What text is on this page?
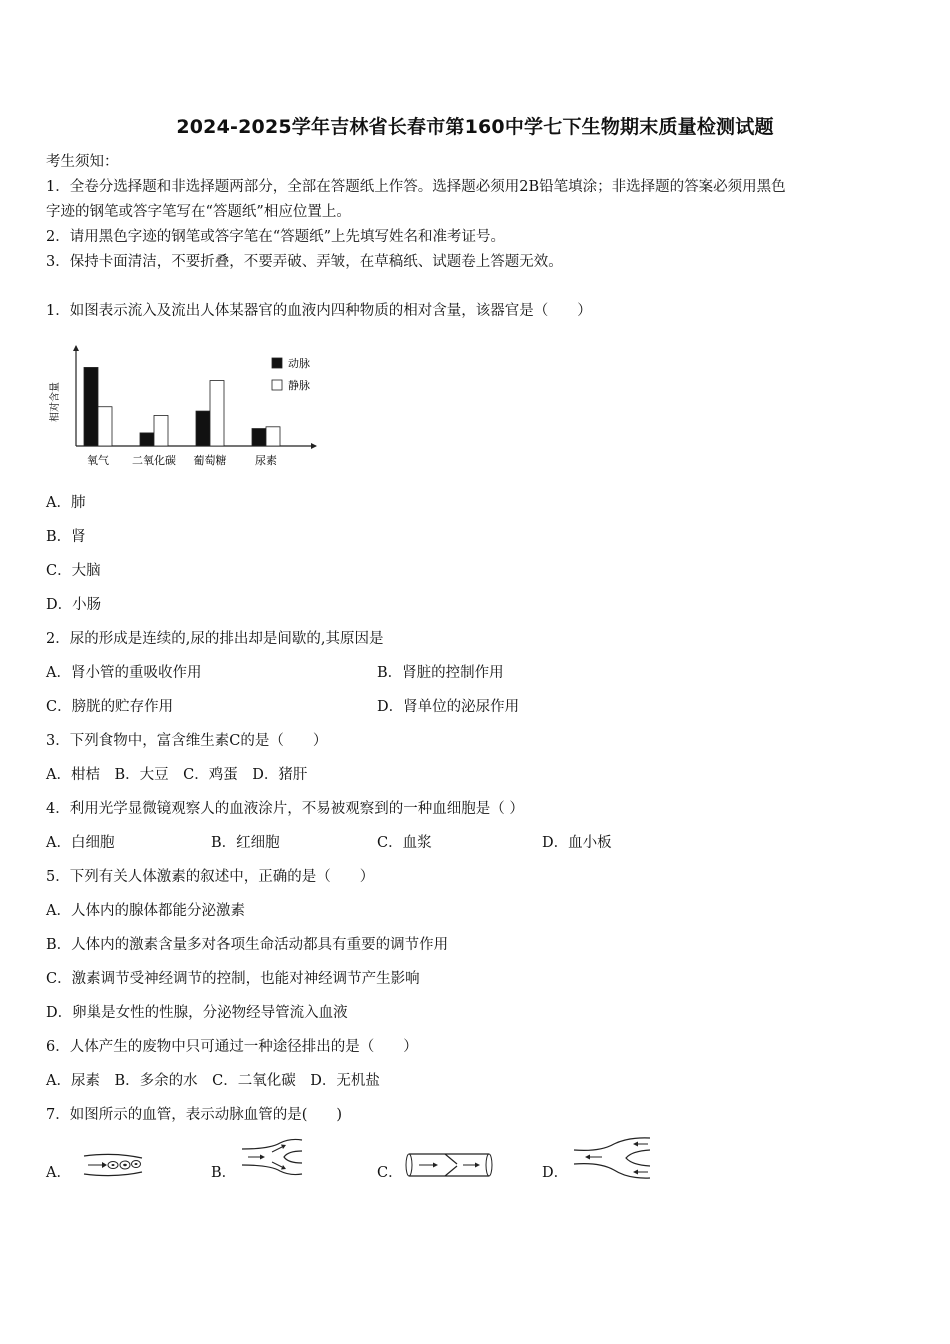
2024-2025学年吉林省长春市第160中学七下生物期末质量检测试题
考生须知：
1．全卷分选择题和非选择题两部分，全部在答题纸上作答。选择题必须用2B铅笔填涂；非选择题的答案必须用黑色
字迹的钢笔或答字笔写在“答题纸”相应位置上。
2．请用黑色字迹的钢笔或答字笔在“答题纸”上先填写姓名和准考证号。
3．保持卡面清洁，不要折叠，不要弄破、弄皱，在草稿纸、试题卷上答题无效。
1．如图表示流入及流出人体某器官的血液内四种物质的相对含量，该器官是（　　）
相对含量
氧气 二氧化碳 葡萄糖	尿素
动脉
静脉
A．肺
B．肾
C．大脑
D．小肠
2．尿的形成是连续的,尿的排出却是间歇的,其原因是
A．肾小管的重吸收作用	B．肾脏的控制作用
C．膀胱的贮存作用	D．肾单位的泌尿作用
3．下列食物中，富含维生素C的是（　　）
A．柑桔　B．大豆　C．鸡蛋　D．猪肝
4．利用光学显微镜观察人的血液涂片，不易被观察到的一种血细胞是（ ）
A．白细胞	B．红细胞	C．血浆	D．血小板
5．下列有关人体激素的叙述中，正确的是（　　）
A．人体内的腺体都能分泌激素
B．人体内的激素含量多对各项生命活动都具有重要的调节作用
C．激素调节受神经调节的控制，也能对神经调节产生影响
D．卵巢是女性的性腺，分泌物经导管流入血液
6．人体产生的废物中只可通过一种途径排出的是（　　）
A．尿素　B．多余的水　C．二氧化碳　D．无机盐
7．如图所示的血管，表示动脉血管的是(　　)
A．	B．	C．	D．
